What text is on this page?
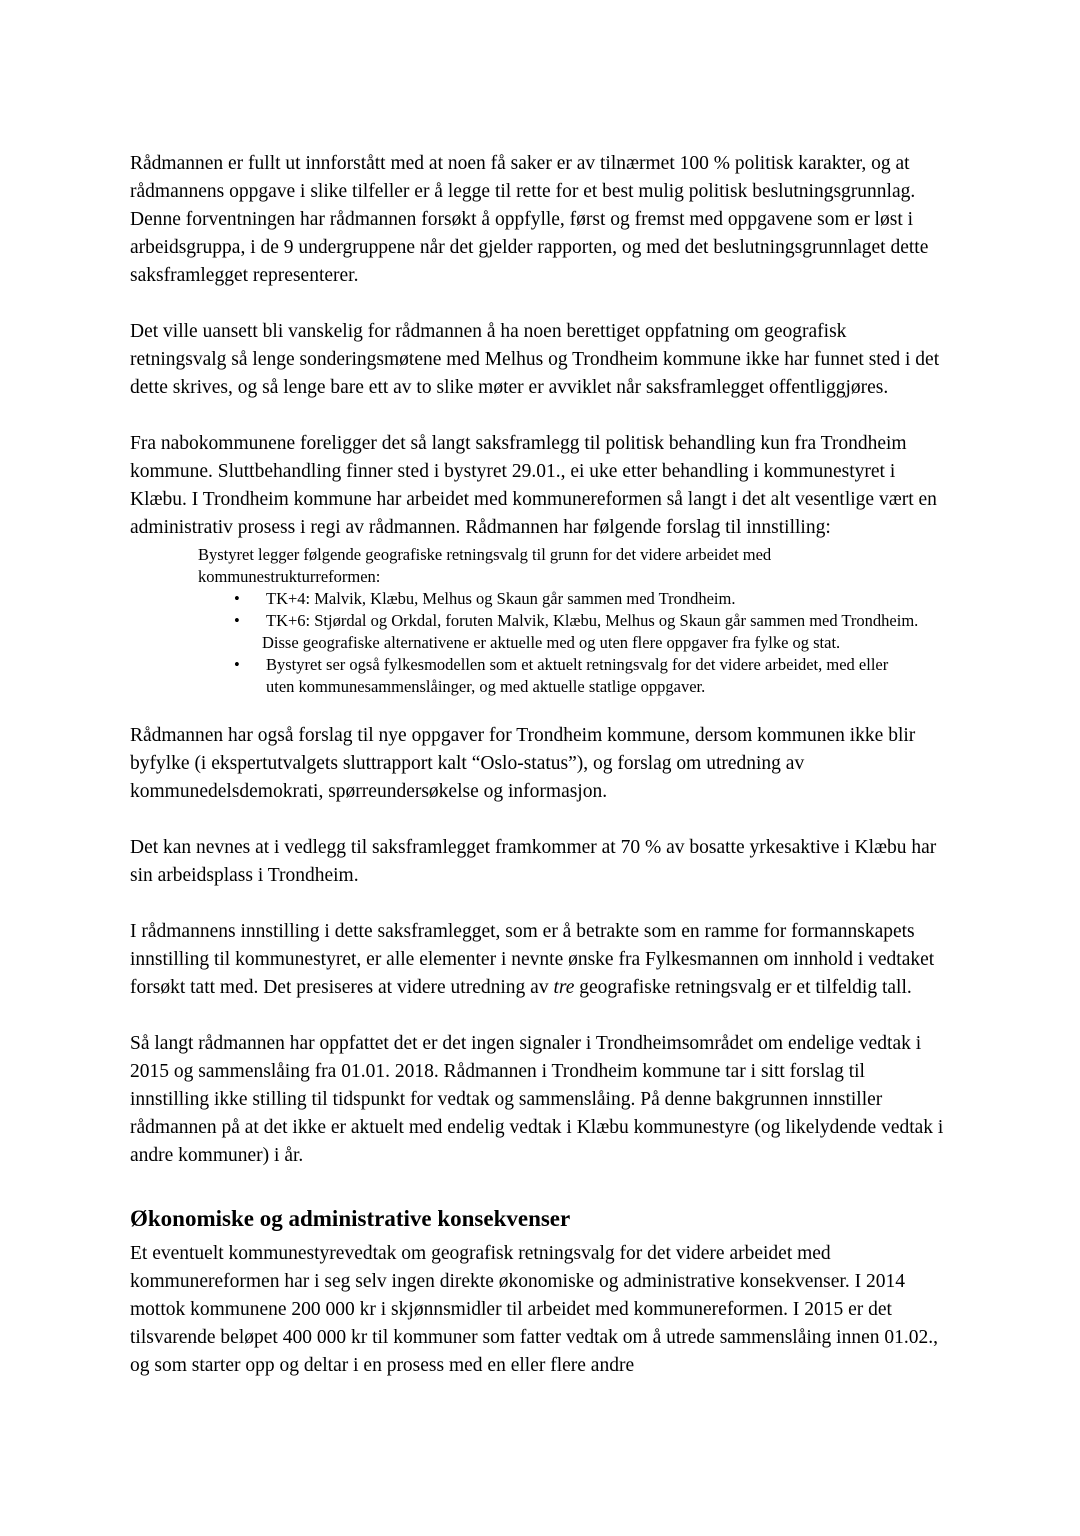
Rådmannen er fullt ut innforstått med at noen få saker er av tilnærmet 100 % politisk karakter, og at rådmannens oppgave i slike tilfeller er å legge til rette for et best mulig politisk beslutningsgrunnlag. Denne forventningen har rådmannen forsøkt å oppfylle, først og fremst med oppgavene som er løst i arbeidsgruppa, i de 9 undergruppene når det gjelder rapporten, og med det beslutningsgrunnlaget dette saksframlegget representerer.

Det ville uansett bli vanskelig for rådmannen å ha noen berettiget oppfatning om geografisk retningsvalg så lenge sonderingsmøtene med Melhus og Trondheim kommune ikke har funnet sted i det dette skrives, og så lenge bare ett av to slike møter er avviklet når saksframlegget offentliggjøres.

Fra nabokommunene foreligger det så langt saksframlegg til politisk behandling kun fra Trondheim kommune. Sluttbehandling finner sted i bystyret 29.01., ei uke etter behandling i kommunestyret i Klæbu. I Trondheim kommune har arbeidet med kommunereformen så langt i det alt vesentlige vært en administrativ prosess i regi av rådmannen. Rådmannen har følgende forslag til innstilling:

Bystyret legger følgende geografiske retningsvalg til grunn for det videre arbeidet med kommunestrukturreformen:
•	TK+4: Malvik, Klæbu, Melhus og Skaun går sammen med Trondheim.
•	TK+6: Stjørdal og Orkdal, foruten Malvik, Klæbu, Melhus og Skaun går sammen med Trondheim.
Disse geografiske alternativene er aktuelle med og uten flere oppgaver fra fylke og stat.
•	Bystyret ser også fylkesmodellen som et aktuelt retningsvalg for det videre arbeidet, med eller uten kommunesammenslåinger, og med aktuelle statlige oppgaver.

Rådmannen har også forslag til nye oppgaver for Trondheim kommune, dersom kommunen ikke blir byfylke (i ekspertutvalgets sluttrapport kalt “Oslo-status”), og forslag om utredning av kommunedelsdemokrati, spørreundersøkelse og informasjon.

Det kan nevnes at i vedlegg til saksframlegget framkommer at 70 % av bosatte yrkesaktive i Klæbu har sin arbeidsplass i Trondheim.

I rådmannens innstilling i dette saksframlegget, som er å betrakte som en ramme for formannskapets innstilling til kommunestyret, er alle elementer i nevnte ønske fra Fylkesmannen om innhold i vedtaket forsøkt tatt med. Det presiseres at videre utredning av tre geografiske retningsvalg er et tilfeldig tall.

Så langt rådmannen har oppfattet det er det ingen signaler i Trondheimsområdet om endelige vedtak i 2015 og sammenslåing fra 01.01. 2018. Rådmannen i Trondheim kommune tar i sitt forslag til innstilling ikke stilling til tidspunkt for vedtak og sammenslåing. På denne bakgrunnen innstiller rådmannen på at det ikke er aktuelt med endelig vedtak i Klæbu kommunestyre (og likelydende vedtak i andre kommuner) i år.

Økonomiske og administrative konsekvenser

Et eventuelt kommunestyrevedtak om geografisk retningsvalg for det videre arbeidet med kommunereformen har i seg selv ingen direkte økonomiske og administrative konsekvenser. I 2014 mottok kommunene 200 000 kr i skjønnsmidler til arbeidet med kommunereformen. I 2015 er det tilsvarende beløpet 400 000 kr til kommuner som fatter vedtak om å utrede sammenslåing innen 01.02., og som starter opp og deltar i en prosess med en eller flere andre
